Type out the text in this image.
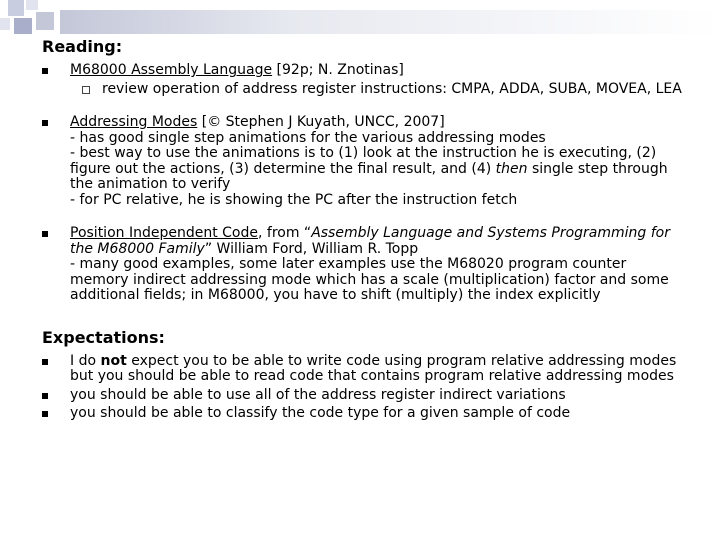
Reading:

M68000 Assembly Language [92p; N. Znotinas]
review operation of address register instructions: CMPA, ADDA, SUBA, MOVEA, LEA
Addressing Modes [© Stephen J Kuyath, UNCC, 2007]
- has good single step animations for the various addressing modes
- best way to use the animations is to (1) look at the instruction he is executing, (2) figure out the actions, (3) determine the final result, and (4) then single step through the animation to verify
- for PC relative, he is showing the PC after the instruction fetch
Position Independent Code, from “Assembly Language and Systems Programming for the M68000 Family” William Ford, William R. Topp
- many good examples, some later examples use the M68020 program counter memory indirect addressing mode which has a scale (multiplication) factor and some additional fields; in M68000, you have to shift (multiply) the index explicitly

Expectations:

I do not expect you to be able to write code using program relative addressing modes but you should be able to read code that contains program relative addressing modes
you should be able to use all of the address register indirect variations
you should be able to classify the code type for a given sample of code
